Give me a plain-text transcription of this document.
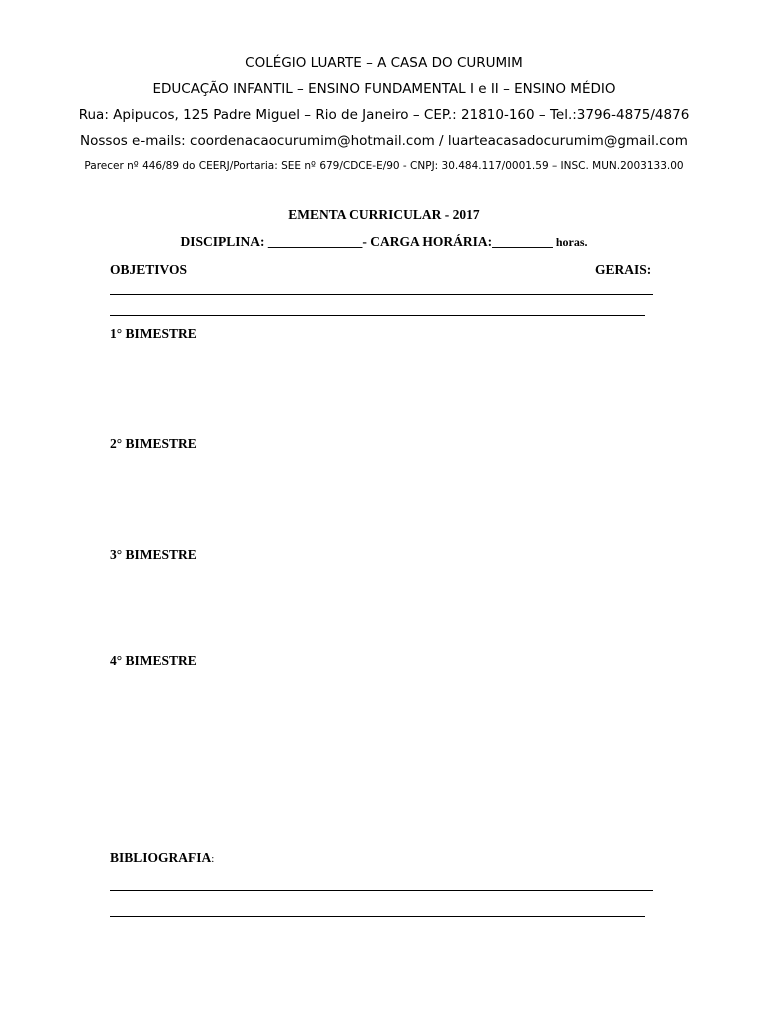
COLÉGIO LUARTE – A CASA DO CURUMIM
EDUCAÇÃO INFANTIL – ENSINO FUNDAMENTAL I e II – ENSINO MÉDIO
Rua: Apipucos, 125 Padre Miguel – Rio de Janeiro – CEP.: 21810-160 – Tel.:3796-4875/4876
Nossos e-mails: coordenacaocurumim@hotmail.com / luarteacasadocurumim@gmail.com
Parecer nº 446/89 do CEERJ/Portaria: SEE nº 679/CDCE-E/90 - CNPJ: 30.484.117/0001.59 – INSC. MUN.2003133.00
EMENTA CURRICULAR - 2017
DISCIPLINA: ______________- CARGA HORÁRIA:_________ horas.
OBJETIVOS	GERAIS:
1° BIMESTRE
2° BIMESTRE
3° BIMESTRE
4° BIMESTRE
BIBLIOGRAFIA:
